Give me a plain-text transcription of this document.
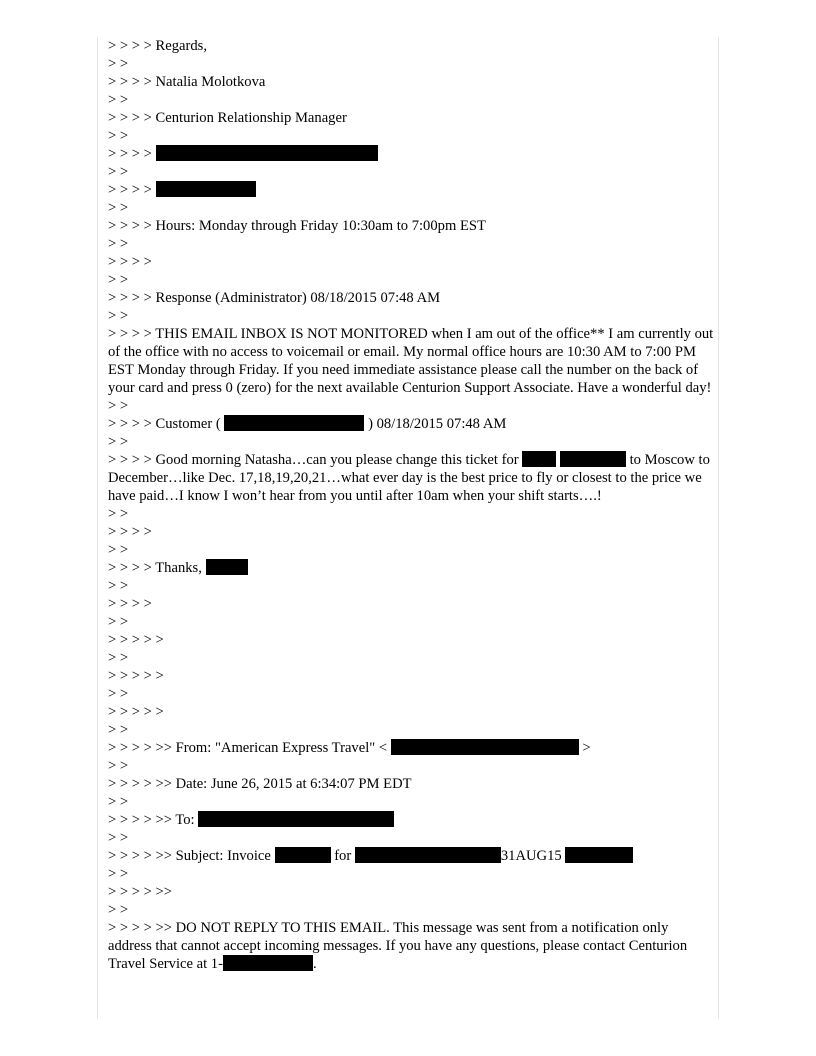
> > > > Regards,
> >
> > > > Natalia Molotkova
> >
> > > > Centurion Relationship Manager
> >
> > > >
> >
> > > >
> >
> > > > Hours: Monday through Friday 10:30am to 7:00pm EST
> >
> > > >
> >
> > > > Response (Administrator) 08/18/2015 07:48 AM
> >
> > > > THIS EMAIL INBOX IS NOT MONITORED when I am out of the office** I am currently out of the office with no access to voicemail or email. My normal office hours are 10:30 AM to 7:00 PM EST Monday through Friday. If you need immediate assistance please call the number on the back of your card and press 0 (zero) for the next available Centurion Support Associate. Have a wonderful day!
> >
> > > > Customer (	) 08/18/2015 07:48 AM
> >
> > > > Good morning Natasha…can you please change this ticket for	to Moscow to December…like Dec. 17,18,19,20,21…what ever day is the best price to fly or closest to the price we have paid…I know I won’t hear from you until after 10am when your shift starts….!
> >
> > > >
> >
> > > > Thanks,
> >
> > > >
> >
> > > > >
> >
> > > > >
> >
> > > > >
> >
> > > > >> From: "American Express Travel" <	>
> >
> > > > >> Date: June 26, 2015 at 6:34:07 PM EDT
> >
> > > > >> To:
> >
> > > > >> Subject: Invoice	for	31AUG15
> >
> > > > >>
> >
> > > > >> DO NOT REPLY TO THIS EMAIL. This message was sent from a notification only address that cannot accept incoming messages. If you have any questions, please contact Centurion Travel Service at 1-	.
